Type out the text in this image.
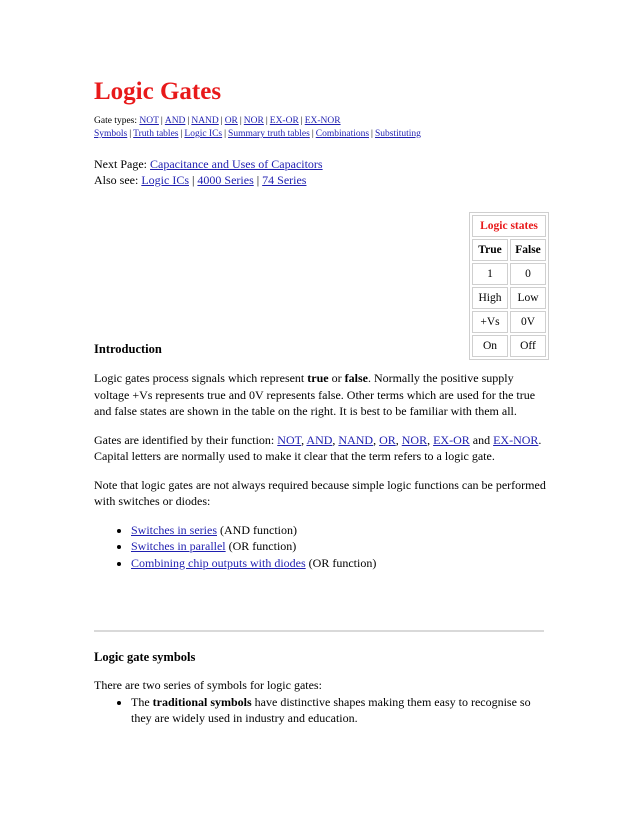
Logic Gates
Gate types: NOT | AND | NAND | OR | NOR | EX-OR | EX-NOR
Symbols | Truth tables | Logic ICs | Summary truth tables | Combinations | Substituting
Next Page: Capacitance and Uses of Capacitors
Also see: Logic ICs | 4000 Series | 74 Series
Logic states	
True	False
1	0
High	Low
+Vs	0V
On	Off
Introduction

Logic gates process signals which represent true or false. Normally the positive supply voltage +Vs represents true and 0V represents false. Other terms which are used for the true and false states are shown in the table on the right. It is best to be familiar with them all.

Gates are identified by their function: NOT, AND, NAND, OR, NOR, EX-OR and EX-NOR. Capital letters are normally used to make it clear that the term refers to a logic gate.

Note that logic gates are not always required because simple logic functions can be performed with switches or diodes:

• Switches in series (AND function)
• Switches in parallel (OR function)
• Combining chip outputs with diodes (OR function)
Logic gate symbols

There are two series of symbols for logic gates:

• The traditional symbols have distinctive shapes making them easy to recognise so they are widely used in industry and education.
